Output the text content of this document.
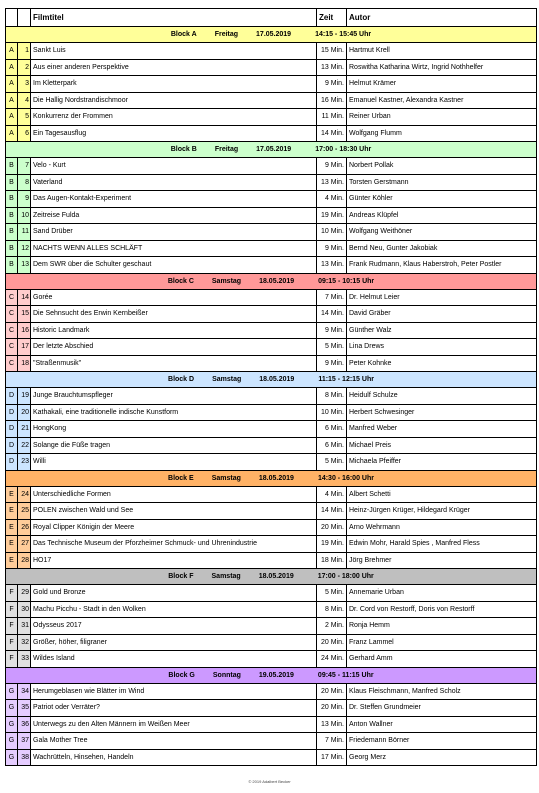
		Filmtitel	Zeit	Autor
Block A Freitag 17.05.2019 14:15 - 15:45 Uhr				
A	1	Sankt Luis	15 Min.	Hartmut Krell
A	2	Aus einer anderen Perspektive	13 Min.	Roswitha Katharina Wirtz, Ingrid Nothhelfer
A	3	Im Kletterpark	9 Min.	Helmut Krämer
A	4	Die Hallig Nordstrandischmoor	16 Min.	Emanuel Kastner, Alexandra Kastner
A	5	Konkurrenz der Frommen	11 Min.	Reiner Urban
A	6	Ein Tagesausflug	14 Min.	Wolfgang Flumm
Block B Freitag 17.05.2019 17:00 - 18:30 Uhr				
B	7	Velo - Kurt	9 Min.	Norbert Pollak
B	8	Vaterland	13 Min.	Torsten Gerstmann
B	9	Das Augen-Kontakt-Experiment	4 Min.	Günter Köhler
B	10	Zeitreise Fulda	19 Min.	Andreas Klüpfel
B	11	Sand Drüber	10 Min.	Wolfgang Weithöner
B	12	NACHTS WENN ALLES SCHLÄFT	9 Min.	Bernd Neu, Gunter Jakobiak
B	13	Dem SWR über die Schulter geschaut	13 Min.	Frank Rudmann, Klaus Haberstroh, Peter Postler
Block C Samstag 18.05.2019 09:15 - 10:15 Uhr				
C	14	Gorée	7 Min.	Dr. Helmut Leier
C	15	Die Sehnsucht des Erwin Kernbeißer	14 Min.	David Gräber
C	16	Historic Landmark	9 Min.	Günther Walz
C	17	Der letzte Abschied	5 Min.	Lina Drews
C	18	"Straßenmusik"	9 Min.	Peter Kohnke
Block D Samstag 18.05.2019 11:15 - 12:15 Uhr				
D	19	Junge Brauchtumspfleger	8 Min.	Heidulf Schulze
D	20	Kathakali, eine traditionelle indische Kunstform	10 Min.	Herbert Schwesinger
D	21	HongKong	6 Min.	Manfred Weber
D	22	Solange die Füße tragen	6 Min.	Michael Preis
D	23	Willi	5 Min.	Michaela Pfeiffer
Block E Samstag 18.05.2019 14:30 - 16:00 Uhr				
E	24	Unterschiedliche Formen	4 Min.	Albert Schetti
E	25	POLEN zwischen Wald und See	14 Min.	Heinz-Jürgen Krüger, Hildegard Krüger
E	26	Royal Clipper Königin der Meere	20 Min.	Arno Wehrmann
E	27	Das Technische Museum der Pforzheimer Schmuck- und Uhrenindustrie	19 Min.	Edwin Mohr, Harald Spies , Manfred Fless
E	28	HO17	18 Min.	Jörg Brehmer
Block F Samstag 18.05.2019 17:00 - 18:00 Uhr				
F	29	Gold und Bronze	5 Min.	Annemarie Urban
F	30	Machu Picchu - Stadt in den Wolken	8 Min.	Dr. Cord von Restorff, Doris von Restorff
F	31	Odysseus 2017	2 Min.	Ronja Hemm
F	32	Größer, höher, filigraner	20 Min.	Franz Lammel
F	33	Wildes Island	24 Min.	Gerhard Amm
Block G Sonntag 19.05.2019 09:45 - 11:15 Uhr				
G	34	Herumgeblasen wie Blätter im Wind	20 Min.	Klaus Fleischmann, Manfred Scholz
G	35	Patriot oder Verräter?	20 Min.	Dr. Steffen Grundmeier
G	36	Unterwegs zu den Alten Männern im Weißen Meer	13 Min.	Anton Wallner
G	37	Gala Mother Tree	7 Min.	Friedemann Börner
G	38	Wachrütteln, Hinsehen, Handeln	17 Min.	Georg Merz
© 2019 Adalbert Becker
